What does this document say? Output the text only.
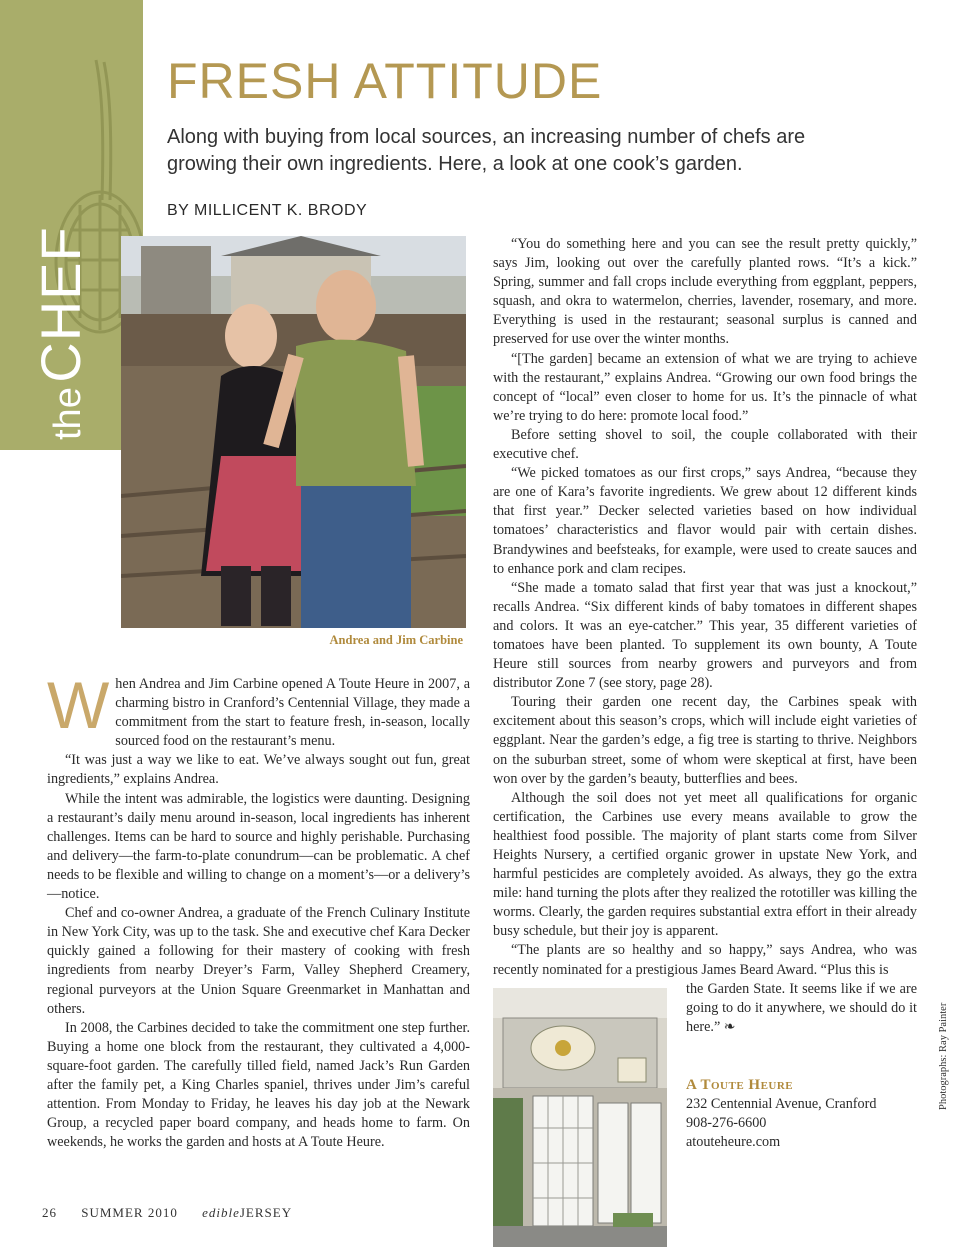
the CHEF
FRESH ATTITUDE

Along with buying from local sources, an increasing number of chefs are growing their own ingredients. Here, a look at one cook’s garden.

BY MILLICENT K. BRODY
Andrea and Jim Carbine

When Andrea and Jim Carbine opened A Toute Heure in 2007, a charming bistro in Cranford’s Centennial Village, they made a commitment from the start to feature fresh, in-season, locally sourced food on the restaurant’s menu.

“It was just a way we like to eat. We’ve always sought out fun, great ingredients,” explains Andrea.

While the intent was admirable, the logistics were daunting. Designing a restaurant’s daily menu around in-season, local ingredients has inherent challenges. Items can be hard to source and highly perishable. Purchasing and delivery—the farm-to-plate conundrum—can be problematic. A chef needs to be flexible and willing to change on a moment’s—or a delivery’s—notice.

Chef and co-owner Andrea, a graduate of the French Culinary Institute in New York City, was up to the task. She and executive chef Kara Decker quickly gained a following for their mastery of cooking with fresh ingredients from nearby Dreyer’s Farm, Valley Shepherd Creamery, regional purveyors at the Union Square Greenmarket in Manhattan and others.

In 2008, the Carbines decided to take the commitment one step further. Buying a home one block from the restaurant, they cultivated a 4,000-square-foot garden. The carefully tilled field, named Jack’s Run Garden after the family pet, a King Charles spaniel, thrives under Jim’s careful attention. From Monday to Friday, he leaves his day job at the Newark Group, a recycled paper board company, and heads home to farm. On weekends, he works the garden and hosts at A Toute Heure.

“You do something here and you can see the result pretty quickly,” says Jim, looking out over the carefully planted rows. “It’s a kick.” Spring, summer and fall crops include everything from eggplant, peppers, squash, and okra to watermelon, cherries, lavender, rosemary, and more. Everything is used in the restaurant; seasonal surplus is canned and preserved for use over the winter months.

“[The garden] became an extension of what we are trying to achieve with the restaurant,” explains Andrea. “Growing our own food brings the concept of “local” even closer to home for us. It’s the pinnacle of what we’re trying to do here: promote local food.”

Before setting shovel to soil, the couple collaborated with their executive chef.

“We picked tomatoes as our first crops,” says Andrea, “because they are one of Kara’s favorite ingredients. We grew about 12 different kinds that first year.” Decker selected varieties based on how individual tomatoes’ characteristics and flavor would pair with certain dishes. Brandywines and beefsteaks, for example, were used to create sauces and to enhance pork and clam recipes.

“She made a tomato salad that first year that was just a knockout,” recalls Andrea. “Six different kinds of baby tomatoes in different shapes and colors. It was an eye-catcher.” This year, 35 different varieties of tomatoes have been planted. To supplement its own bounty, A Toute Heure still sources from nearby growers and purveyors and from distributor Zone 7 (see story, page 28).

Touring their garden one recent day, the Carbines speak with excitement about this season’s crops, which will include eight varieties of eggplant. Near the garden’s edge, a fig tree is starting to thrive. Neighbors on the suburban street, some of whom were skeptical at first, have been won over by the garden’s beauty, butterflies and bees.

Although the soil does not yet meet all qualifications for organic certification, the Carbines use every means available to grow the healthiest food possible. The majority of plant starts come from Silver Heights Nursery, a certified organic grower in upstate New York, and harmful pesticides are completely avoided. As always, they go the extra mile: hand turning the plots after they realized the rototiller was killing the worms. Clearly, the garden requires substantial extra effort in their already busy schedule, but their joy is apparent.

“The plants are so healthy and so happy,” says Andrea, who was recently nominated for a prestigious James Beard Award. “Plus this is

the Garden State. It seems like if we are going to do it anywhere, we should do it here.” ❧

A Toute Heure
232 Centennial Avenue, Cranford
908-276-6600
atouteheure.com
Photographs: Ray Painter
26 SUMMER 2010 edibleJERSEY
